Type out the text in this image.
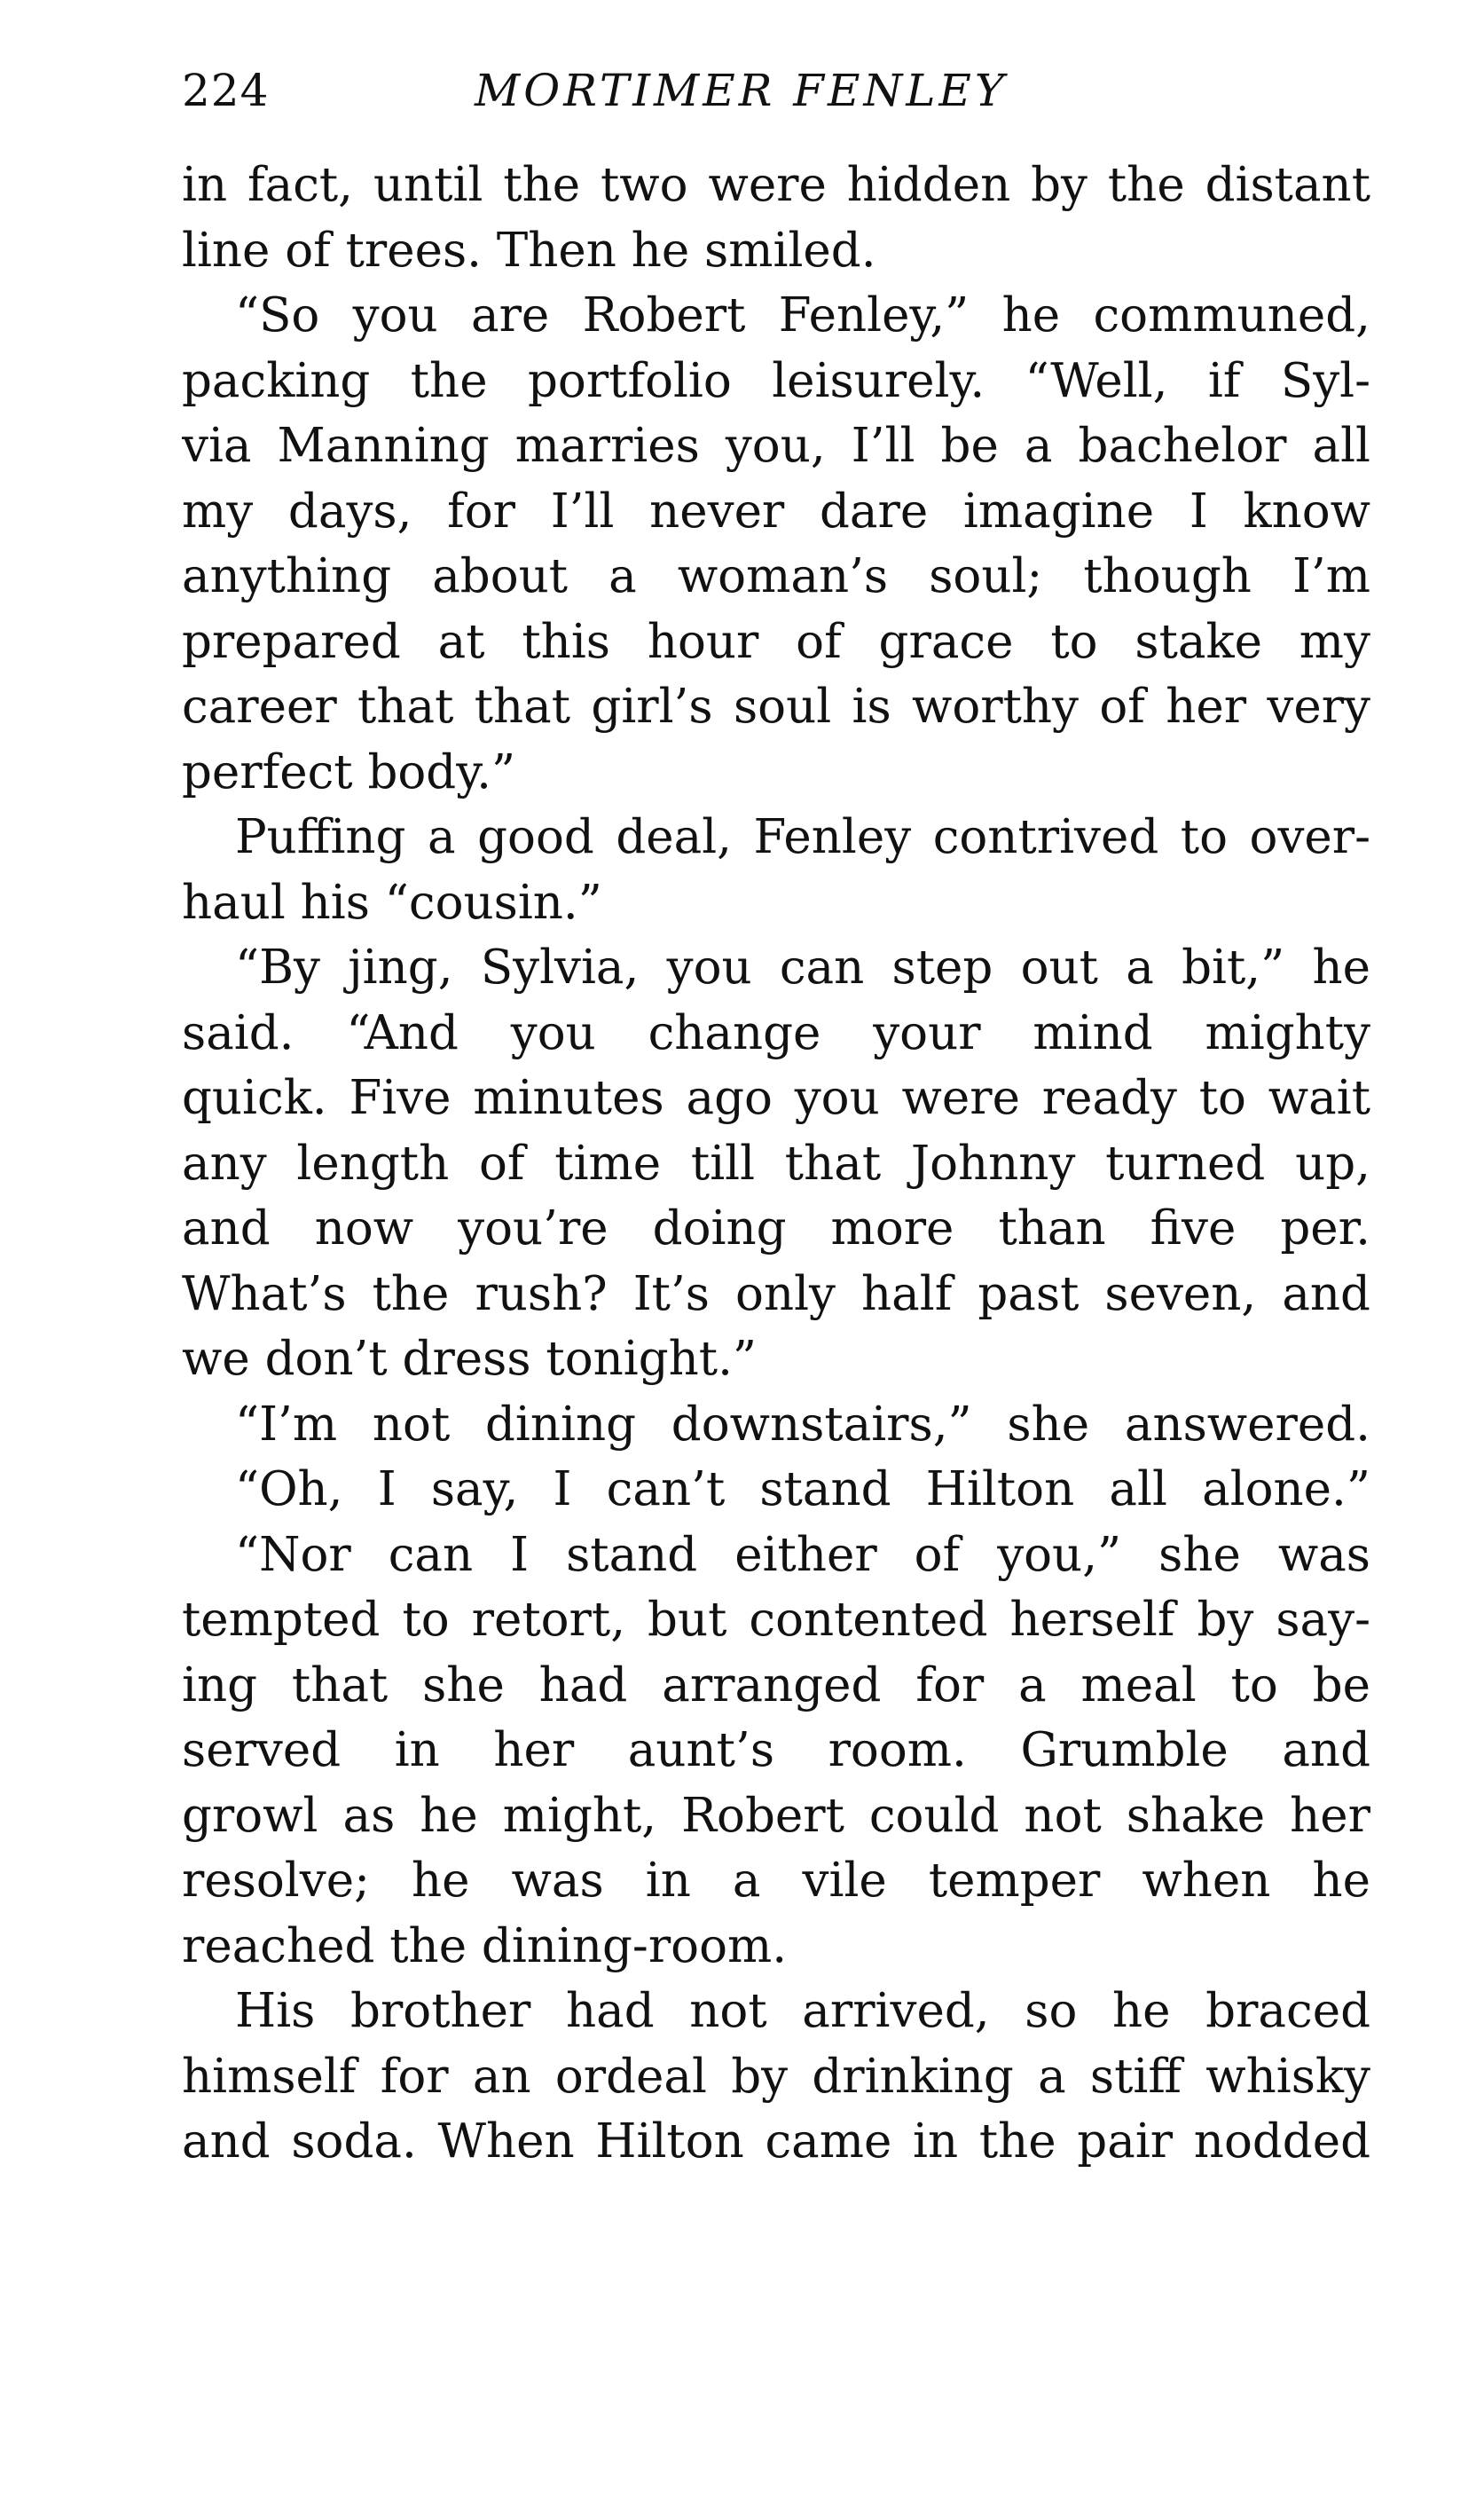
224	MORTIMER FENLEY
in fact, until the two were hidden by the distant
line of trees. Then he smiled.
“So you are Robert Fenley,” he communed,
packing the portfolio leisurely. “Well, if Syl-
via Manning marries you, I’ll be a bachelor all
my days, for I’ll never dare imagine I know
anything about a woman’s soul; though I’m
prepared at this hour of grace to stake my
career that that girl’s soul is worthy of her very
perfect body.”
Puffing a good deal, Fenley contrived to over-
haul his “cousin.”
“By jing, Sylvia, you can step out a bit,” he
said. “And you change your mind mighty
quick. Five minutes ago you were ready to wait
any length of time till that Johnny turned up,
and now you’re doing more than five per.
What’s the rush? It’s only half past seven, and
we don’t dress tonight.”
“I’m not dining downstairs,” she answered.
“Oh, I say, I can’t stand Hilton all alone.”
“Nor can I stand either of you,” she was
tempted to retort, but contented herself by say-
ing that she had arranged for a meal to be
served in her aunt’s room. Grumble and
growl as he might, Robert could not shake her
resolve; he was in a vile temper when he
reached the dining-room.
His brother had not arrived, so he braced
himself for an ordeal by drinking a stiff whisky
and soda. When Hilton came in the pair nodded
